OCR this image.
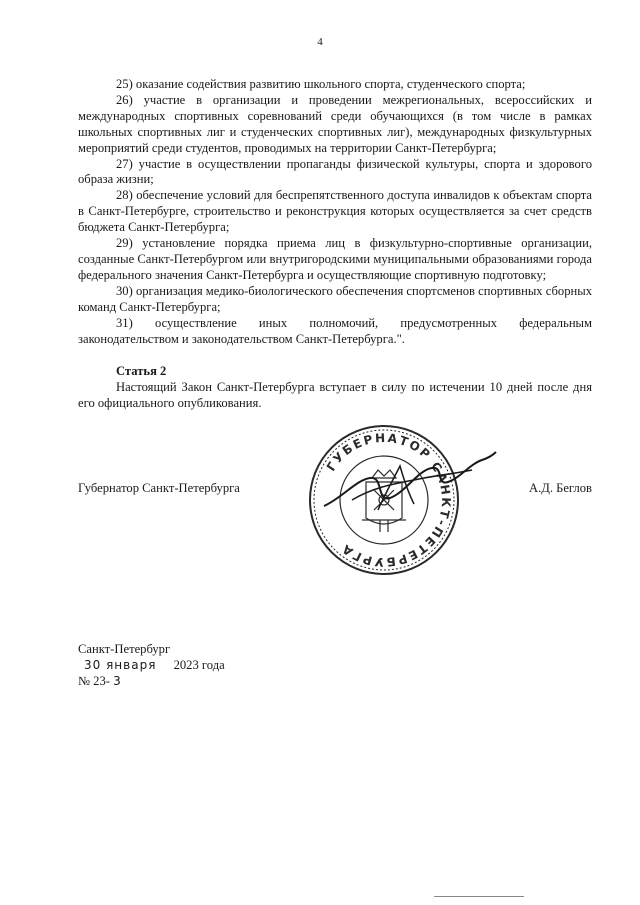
4

25) оказание содействия развитию школьного спорта, студенческого спорта;

26) участие в организации и проведении межрегиональных, всероссийских и международных спортивных соревнований среди обучающихся (в том числе в рамках школьных спортивных лиг и студенческих спортивных лиг), международных физкультурных мероприятий среди студентов, проводимых на территории Санкт-Петербурга;

27) участие в осуществлении пропаганды физической культуры, спорта и здорового образа жизни;

28) обеспечение условий для беспрепятственного доступа инвалидов к объектам спорта в Санкт-Петербурге, строительство и реконструкция которых осуществляется за счет средств бюджета Санкт-Петербурга;

29) установление порядка приема лиц в физкультурно-спортивные организации, созданные Санкт-Петербургом или внутригородскими муниципальными образованиями города федерального значения Санкт-Петербурга и осуществляющие спортивную подготовку;

30) организация медико-биологического обеспечения спортсменов спортивных сборных команд Санкт-Петербурга;

31) осуществление иных полномочий, предусмотренных федеральным законодательством и законодательством Санкт-Петербурга.".

Статья 2

Настоящий Закон Санкт-Петербурга вступает в силу по истечении 10 дней после дня его официального опубликования.

Губернатор Санкт-Петербурга
ГУБЕРНАТОР САНКТ-ПЕТЕРБУРГА
А.Д. Беглов
Санкт-Петербург
30 января 2023 года
№ 23- 3
